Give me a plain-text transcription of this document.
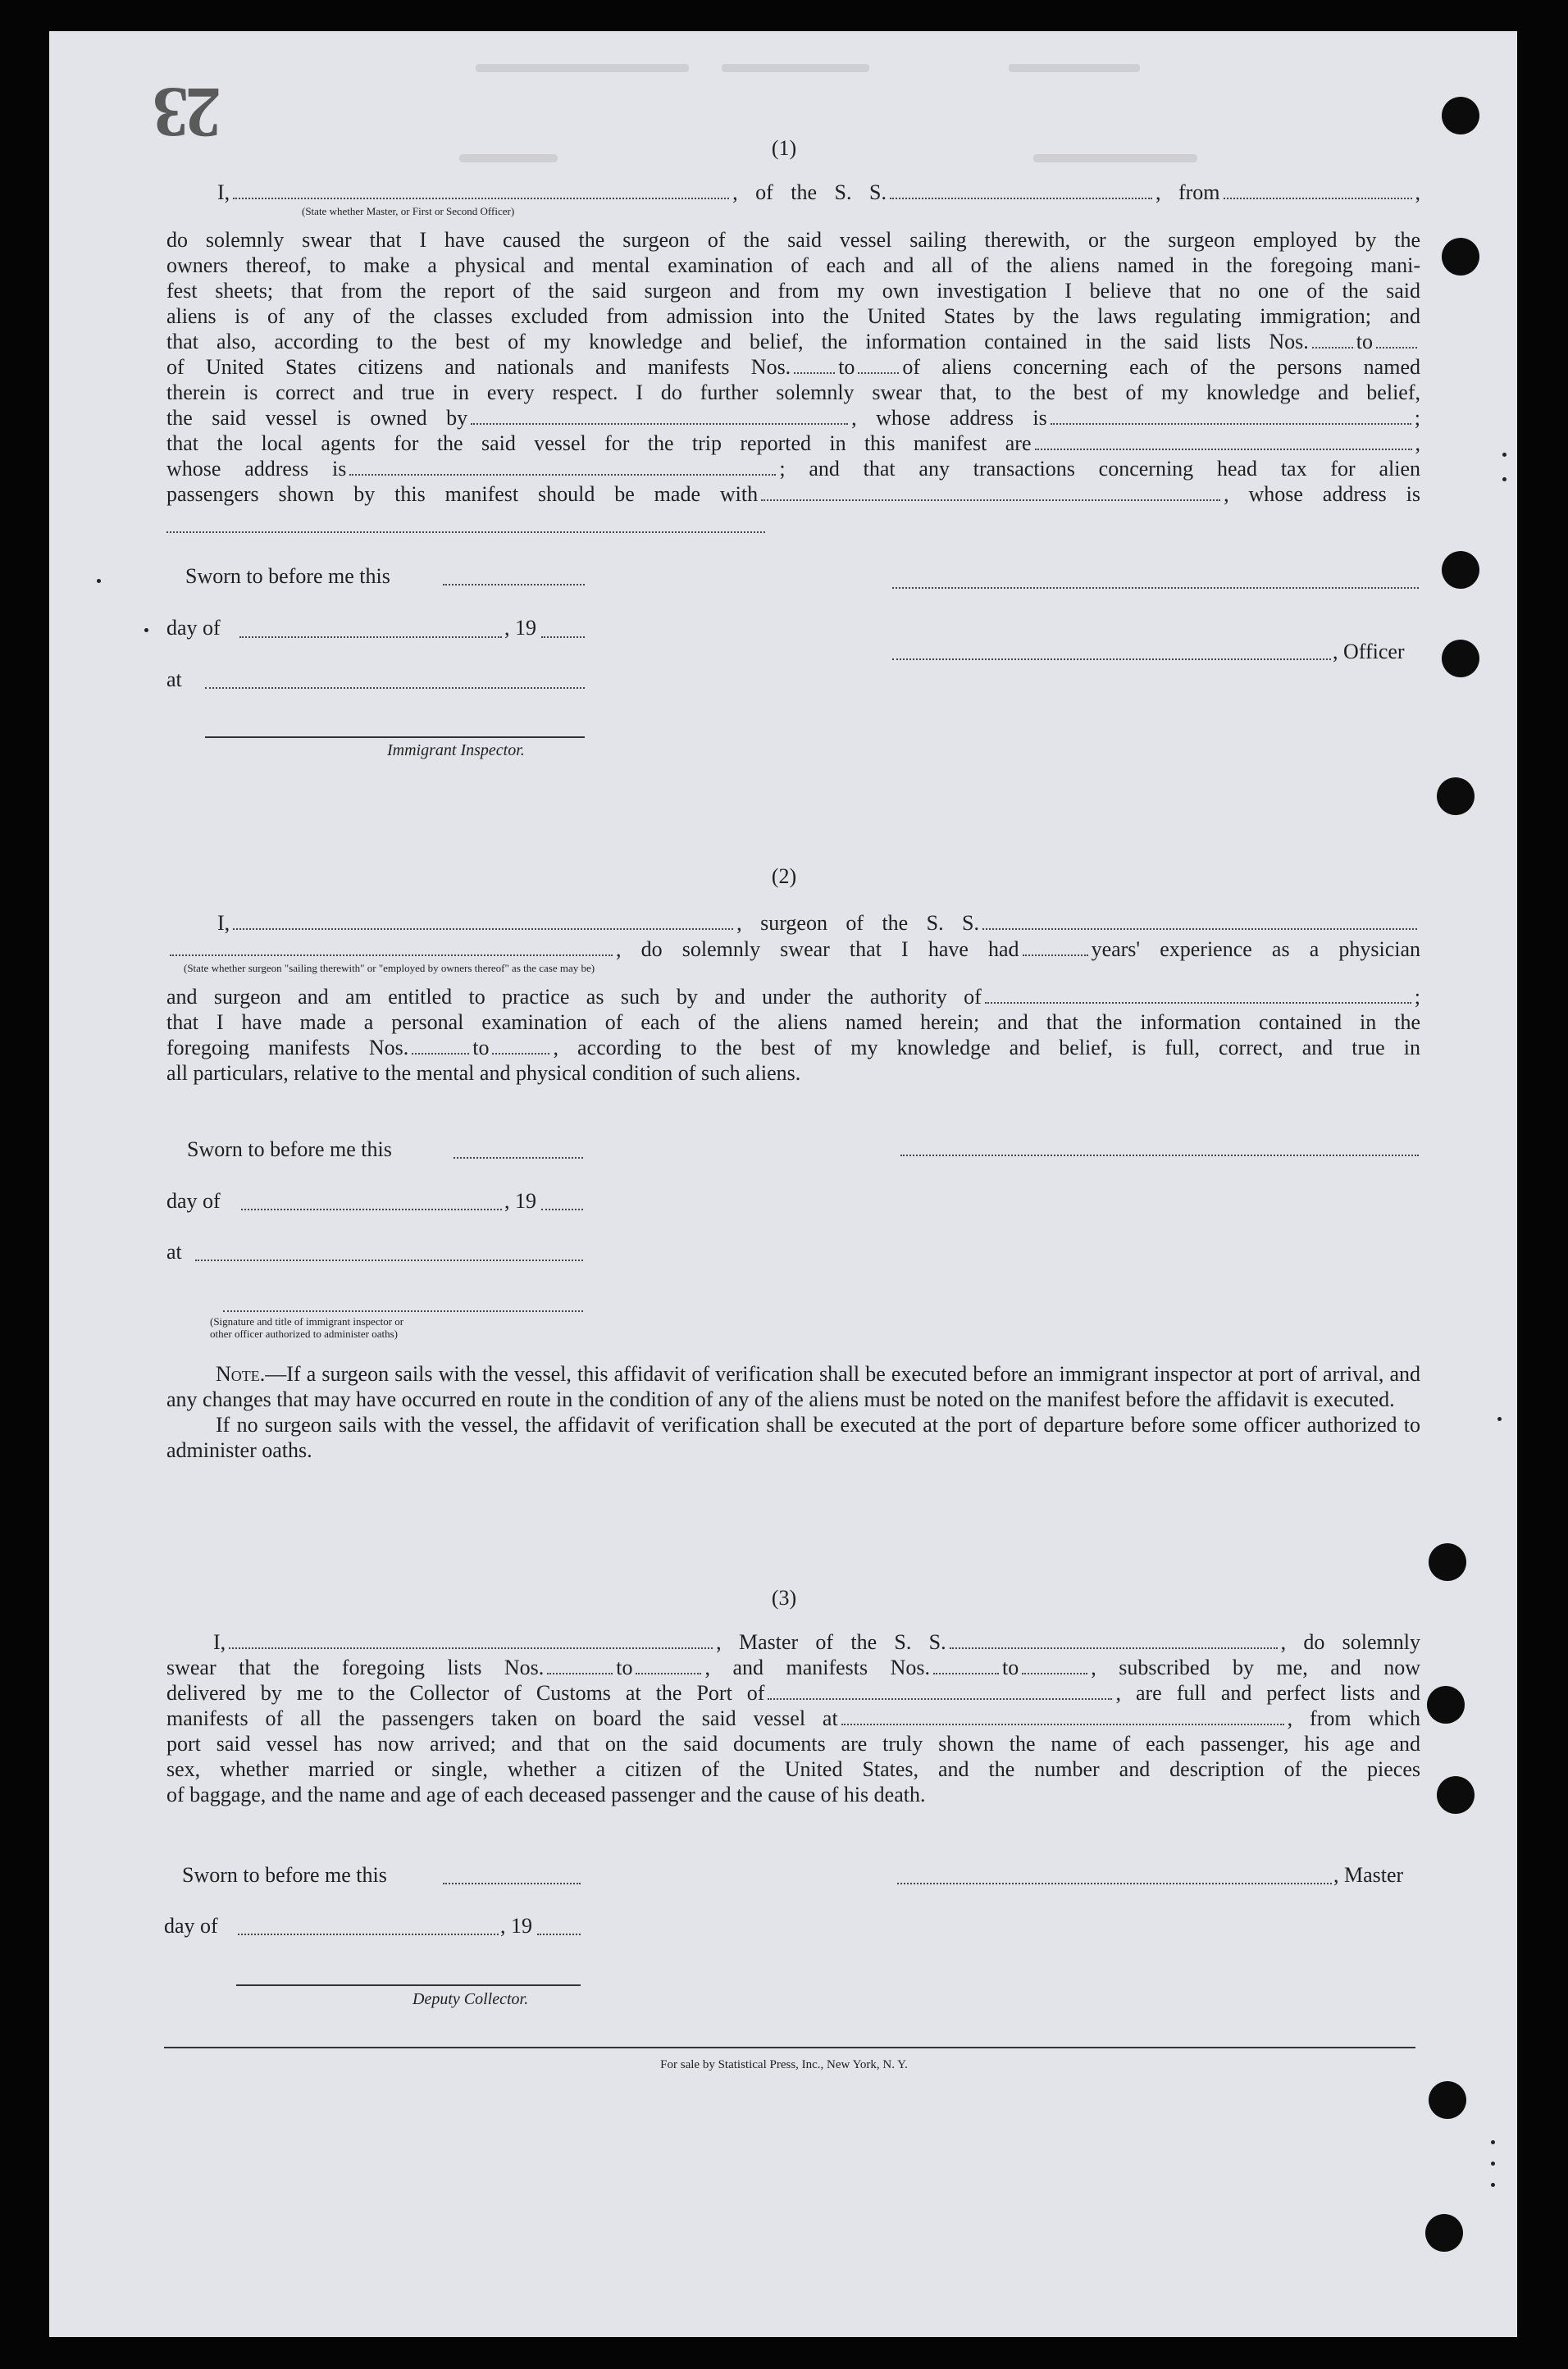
23	(1)
I,	, of the S. S.	, from	,
(State whether Master, or First or Second Officer)
do solemnly swear that I have caused the surgeon of the said vessel sailing therewith, or the surgeon employed by the
owners thereof, to make a physical and mental examination of each and all of the aliens named in the foregoing mani-
fest sheets; that from the report of the said surgeon and from my own investigation I believe that no one of the said
aliens is of any of the classes excluded from admission into the United States by the laws regulating immigration; and
that also, according to the best of my knowledge and belief, the information contained in the said lists Nos. to
of United States citizens and nationals and manifests Nos. to of aliens concerning each of the persons named
therein is correct and true in every respect. I do further solemnly swear that, to the best of my knowledge and belief,
the said vessel is owned by	, whose address is	;
that the local agents for the said vessel for the trip reported in this manifest are	,
whose address is	; and that any transactions concerning head tax for alien
passengers shown by this manifest should be made with	, whose address is
Sworn to before me this
day of	, 19
, Officer
at
Immigrant Inspector.
(2)
I,	, surgeon of the S. S.
, do solemnly swear that I have had	years' experience as a physician
(State whether surgeon "sailing therewith" or "employed by owners thereof" as the case may be)
and surgeon and am entitled to practice as such by and under the authority of	;
that I have made a personal examination of each of the aliens named herein; and that the information contained in the
foregoing manifests Nos.	to	, according to the best of my knowledge and belief, is full, correct, and true in
all particulars, relative to the mental and physical condition of such aliens.
Sworn to before me this
day of	, 19
at
(Signature and title of immigrant inspector or
other officer authorized to administer oaths)

Note.—If a surgeon sails with the vessel, this affidavit of verification shall be executed before an immigrant inspector at port of arrival, and any changes that may have occurred en route in the condition of any of the aliens must be noted on the manifest before the affidavit is executed.

If no surgeon sails with the vessel, the affidavit of verification shall be executed at the port of departure before some officer authorized to administer oaths.

(3)
I,	, Master of the S. S.	, do solemnly
swear that the foregoing lists Nos.	to	, and manifests Nos.	to	, subscribed by me, and now
delivered by me to the Collector of Customs at the Port of	, are full and perfect lists and
manifests of all the passengers taken on board the said vessel at	, from which
port said vessel has now arrived; and that on the said documents are truly shown the name of each passenger, his age and
sex, whether married or single, whether a citizen of the United States, and the number and description of the pieces
of baggage, and the name and age of each deceased passenger and the cause of his death.
Sworn to before me this	, Master
day of	, 19
Deputy Collector.
For sale by Statistical Press, Inc., New York, N. Y.
